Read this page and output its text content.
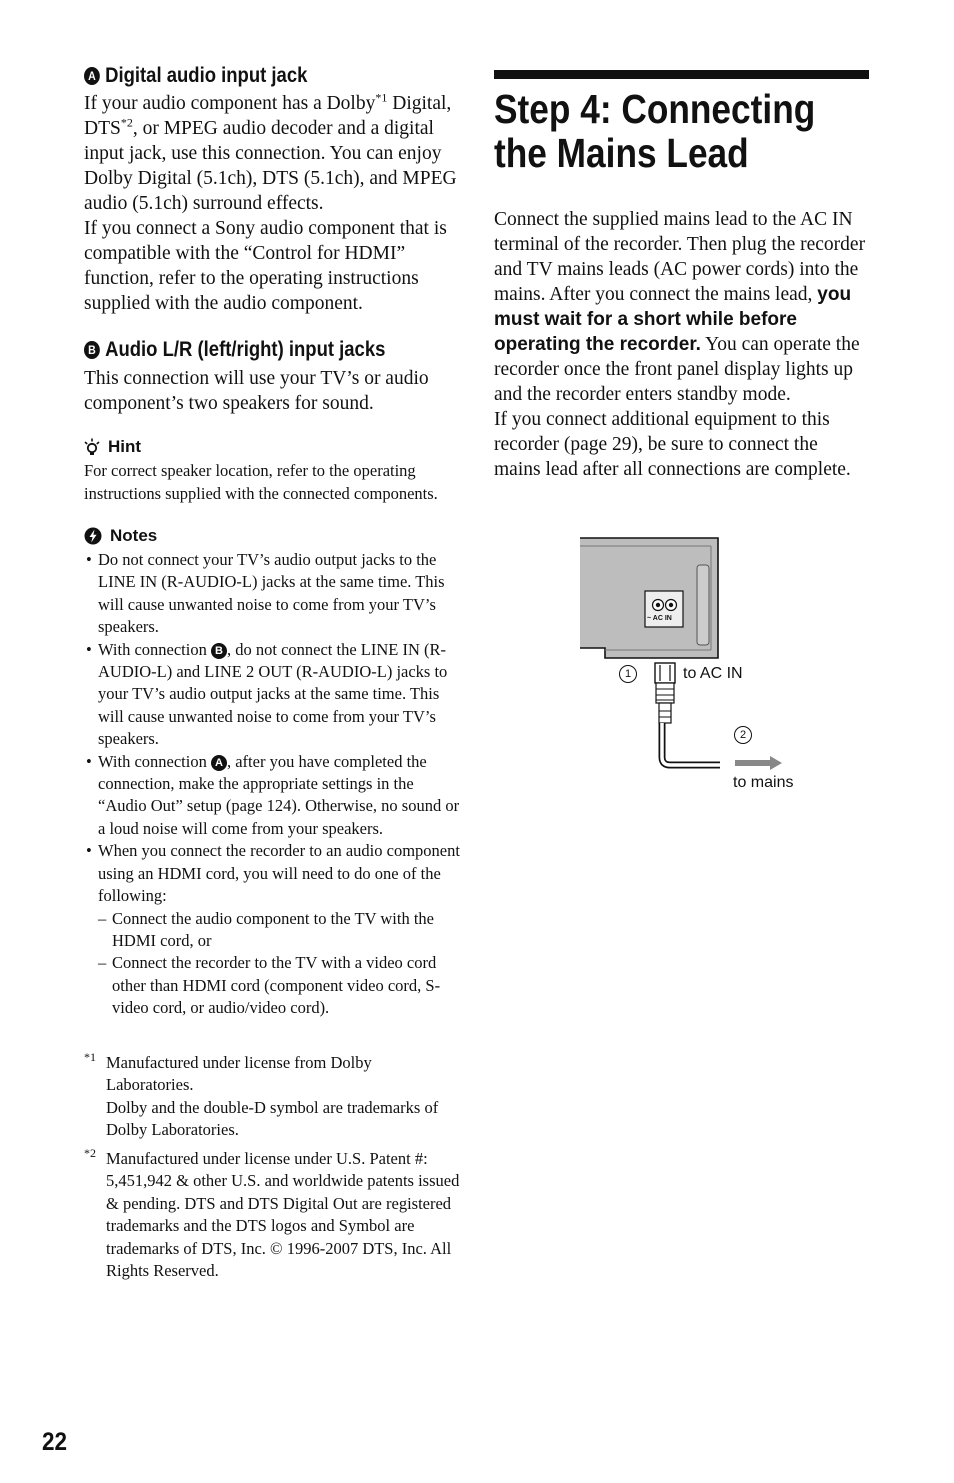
A Digital audio input jack

If your audio component has a Dolby$^{*1}$ Digital, DTS$^{*2}$, or MPEG audio decoder and a digital input jack, use this connection. You can enjoy Dolby Digital (5.1ch), DTS (5.1ch), and MPEG audio (5.1ch) surround effects.

If you connect a Sony audio component that is compatible with the “Control for HDMI” function, refer to the operating instructions supplied with the audio component.

B Audio L/R (left/right) input jacks

This connection will use your TV’s or audio component’s two speakers for sound.

Hint

For correct speaker location, refer to the operating instructions supplied with the connected components.

Notes
• Do not connect your TV’s audio output jacks to the LINE IN (R-AUDIO-L) jacks at the same time. This will cause unwanted noise to come from your TV’s speakers.
• With connection B , do not connect the LINE IN (R-AUDIO-L) and LINE 2 OUT (R-AUDIO-L) jacks to your TV’s audio output jacks at the same time. This will cause unwanted noise to come from your TV’s speakers.
• With connection A , after you have completed the connection, make the appropriate settings in the “Audio Out” setup (page 124). Otherwise, no sound or a loud noise will come from your speakers.
• When you connect the recorder to an audio component using an HDMI cord, you will need to do one of the following:
– Connect the audio component to the TV with the HDMI cord, or
– Connect the recorder to the TV with a video cord other than HDMI cord (component video cord, S-video cord, or audio/video cord).
*1 Manufactured under license from Dolby Laboratories.
Dolby and the double-D symbol are trademarks of Dolby Laboratories.
*2 Manufactured under license under U.S. Patent #: 5,451,942 & other U.S. and worldwide patents issued & pending. DTS and DTS Digital Out are registered trademarks and the DTS logos and Symbol are trademarks of DTS, Inc. © 1996-2007 DTS, Inc. All Rights Reserved.
Step 4: Connecting the Mains Lead

Connect the supplied mains lead to the AC IN terminal of the recorder. Then plug the recorder and TV mains leads (AC power cords) into the mains. After you connect the mains lead, you must wait for a short while before operating the recorder. You can operate the recorder once the front panel display lights up and the recorder enters standby mode.

If you connect additional equipment to this recorder (page 29), be sure to connect the mains lead after all connections are complete.

~ AC IN
1	to AC IN
2
to mains
22
